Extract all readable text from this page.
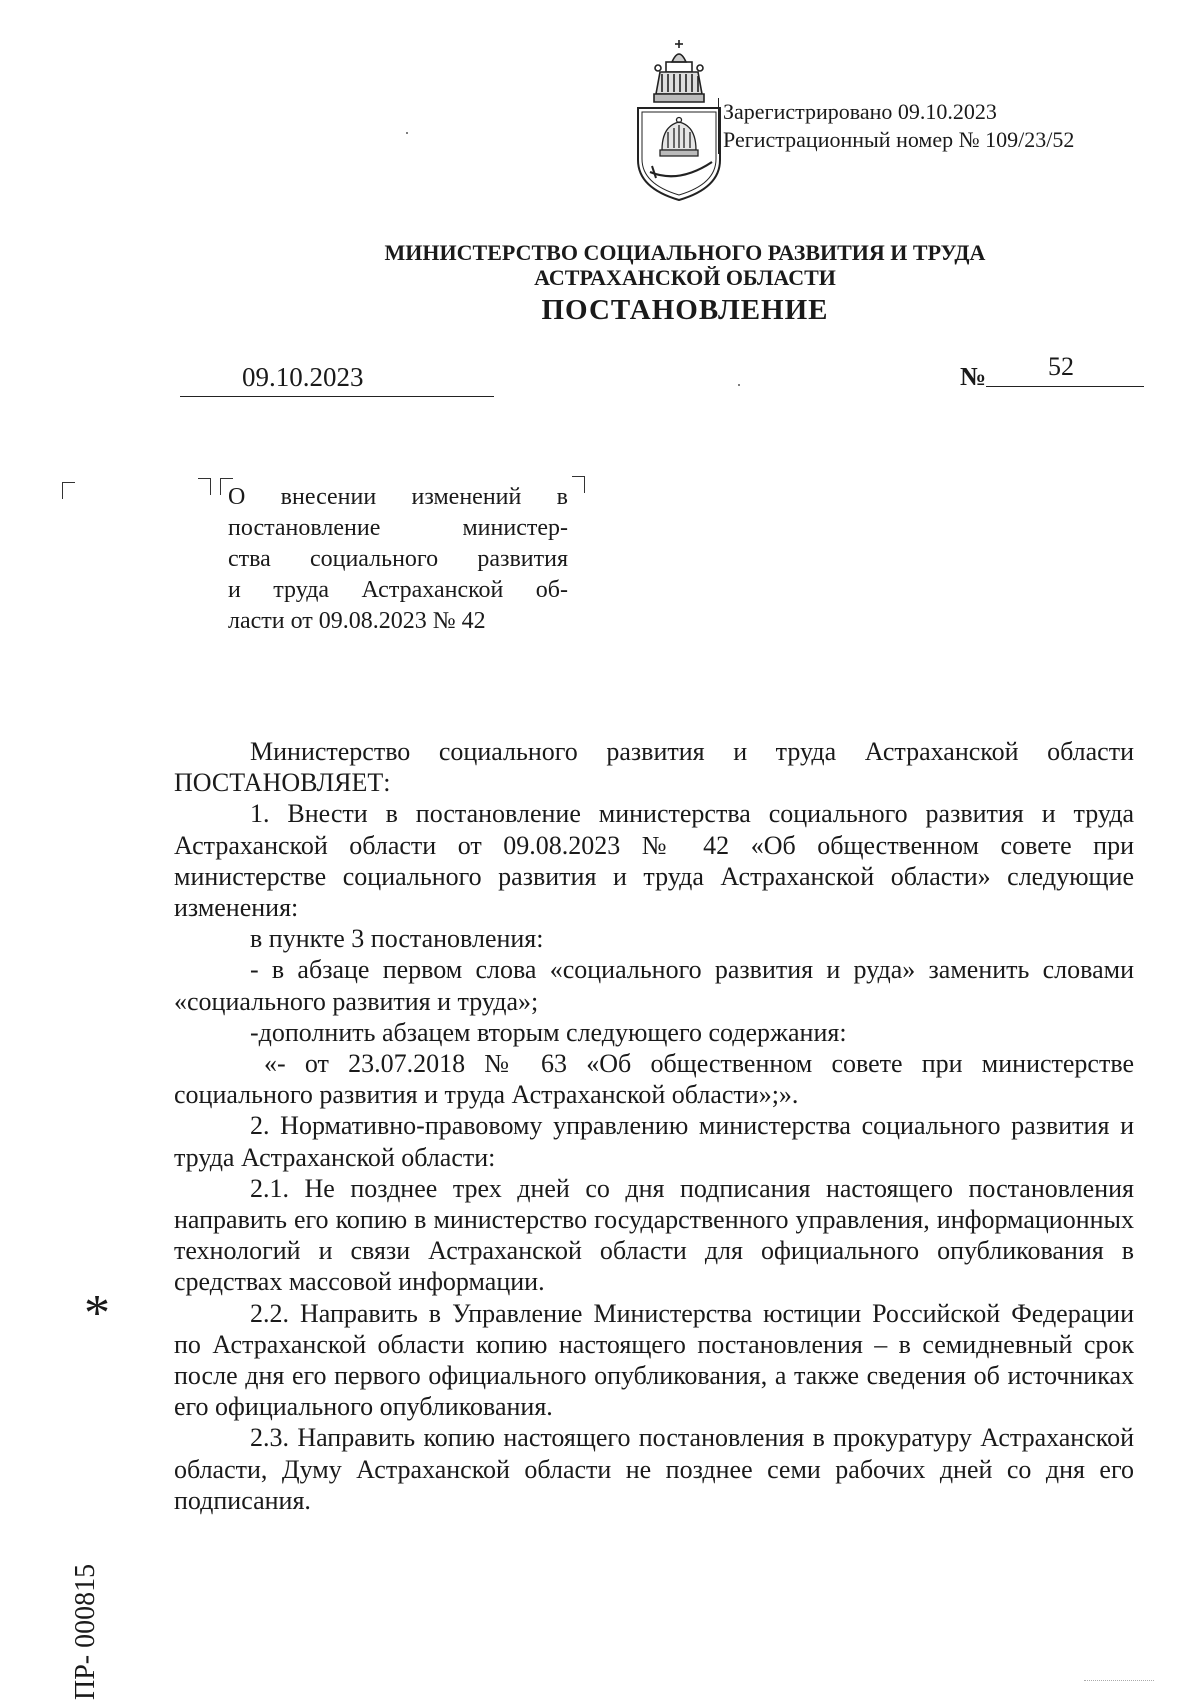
Зарегистрировано 09.10.2023
Регистрационный номер № 109/23/52
МИНИСТЕРСТВО СОЦИАЛЬНОГО РАЗВИТИЯ И ТРУДА
АСТРАХАНСКОЙ ОБЛАСТИ
ПОСТАНОВЛЕНИЕ
09.10.2023	№ 52
О внесении изменений в
постановление министер-
ства социального развития
и труда Астраханской об-
ласти от 09.08.2023 № 42

Министерство социального развития и труда Астраханской области

ПОСТАНОВЛЯЕТ:

1. Внести в постановление министерства социального развития и труда Астраханской области от 09.08.2023 № 42 «Об общественном совете при министерстве социального развития и труда Астраханской области» следующие изменения:

в пункте 3 постановления:

- в абзаце первом слова «социального развития и руда» заменить словами «социального развития и труда»;

-дополнить абзацем вторым следующего содержания:

«- от 23.07.2018 № 63 «Об общественном совете при министерстве социального развития и труда Астраханской области»;».

2. Нормативно-правовому управлению министерства социального развития и труда Астраханской области:

2.1. Не позднее трех дней со дня подписания настоящего постановления направить его копию в министерство государственного управления, информационных технологий и связи Астраханской области для официального опубликования в средствах массовой информации.

2.2. Направить в Управление Министерства юстиции Российской Федерации по Астраханской области копию настоящего постановления – в семидневный срок после дня его первого официального опубликования, а также сведения об источниках его официального опубликования.

2.3. Направить копию настоящего постановления в прокуратуру Астраханской области, Думу Астраханской области не позднее семи рабочих дней со дня его подписания.

*
ПР- 000815
